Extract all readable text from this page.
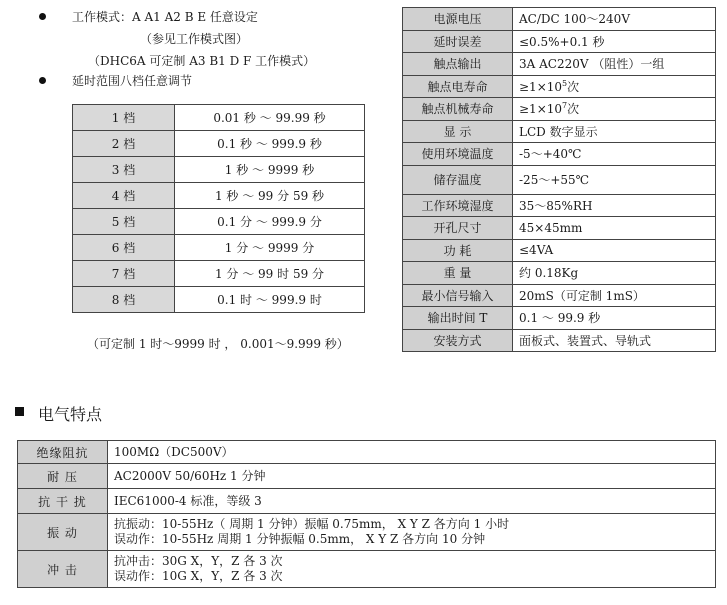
工作模式：A A1 A2 B E 任意设定
（参见工作模式图）
（DHC6A 可定制 A3 B1 D F 工作模式）
延时范围八档任意调节
1 档	0.01 秒 ～ 99.99 秒
2 档	0.1 秒 ～ 999.9 秒
3 档	1 秒 ～ 9999 秒
4 档	1 秒 ～ 99 分 59 秒
5 档	0.1 分 ～ 999.9 分
6 档	1 分 ～ 9999 分
7 档	1 分 ～ 99 时 59 分
8 档	0.1 时 ～ 999.9 时
（可定制 1 时～9999 时 ， 0.001～9.999 秒）
电源电压	AC/DC 100～240V
延时误差	≤0.5%+0.1 秒
触点输出	3A AC220V （阻性）一组
触点电寿命	$\ge 1\times 10^5$次
触点机械寿命	$\ge 1\times 10^7$次
显 示	LCD 数字显示
使用环境温度	-5～+40℃
储存温度	-25～+55℃
工作环境湿度	35～85%RH
开孔尺寸	45×45mm
功 耗	≤4VA
重 量	约 0.18Kg
最小信号输入	20mS（可定制 1mS）
输出时间 T	0.1 ～ 99.9 秒
安装方式	面板式、装置式、导轨式
电气特点
绝缘阻抗	100MΩ（DC500V）

耐 压	AC2000V 50/60Hz 1 分钟

抗 干 扰	IEC61000-4 标准，等级 3

振 动	抗振动：10-55Hz（ 周期 1 分钟）振幅 0.75mm， X Y Z 各方向 1 小时
误动作：10-55Hz 周期 1 分钟振幅 0.5mm， X Y Z 各方向 10 分钟

冲 击	抗冲击：30G X，Y，Z 各 3 次
误动作：10G X，Y，Z 各 3 次
